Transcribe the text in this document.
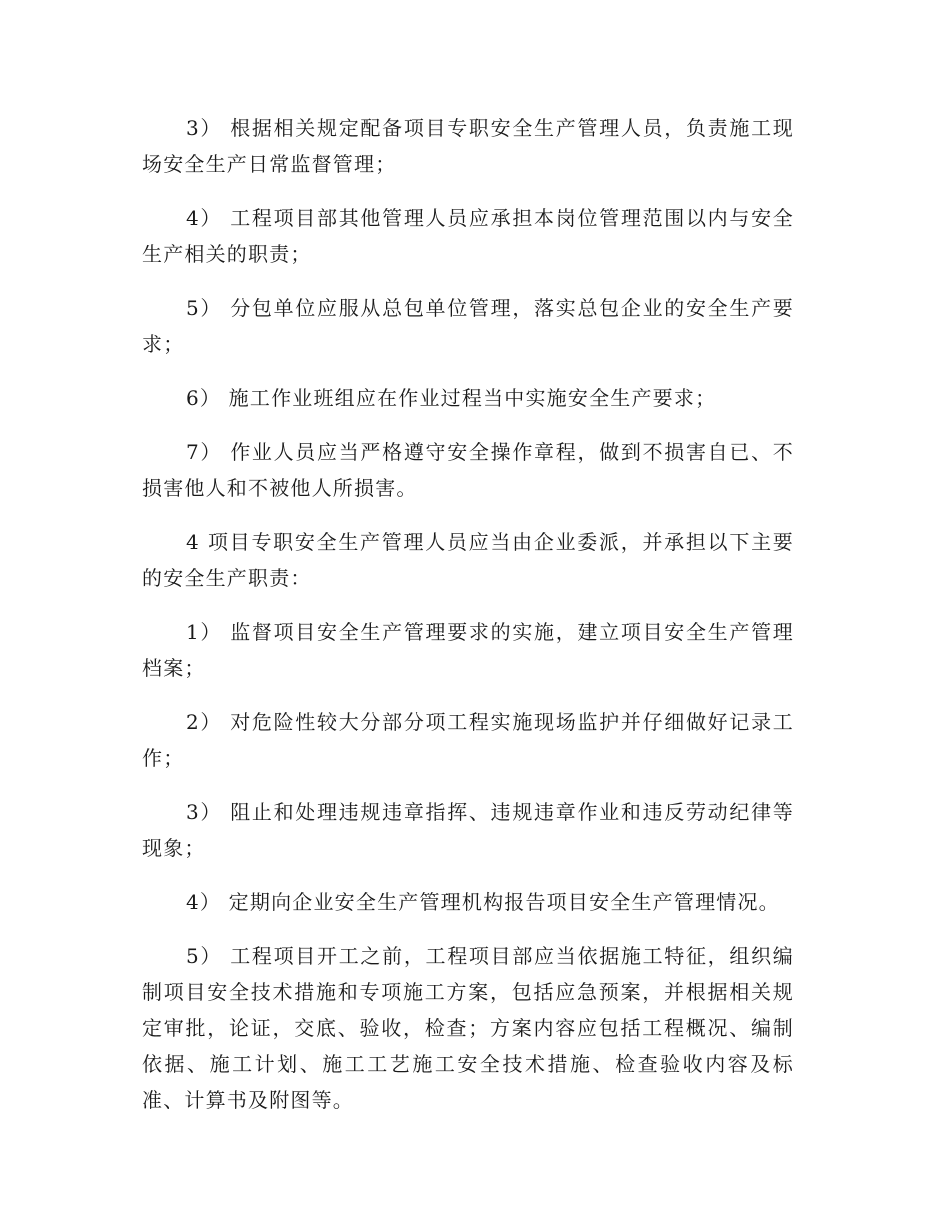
3） 根据相关规定配备项目专职安全生产管理人员，负责施工现场安全生产日常监督管理；

4） 工程项目部其他管理人员应承担本岗位管理范围以内与安全生产相关的职责；

5） 分包单位应服从总包单位管理，落实总包企业的安全生产要求；

6） 施工作业班组应在作业过程当中实施安全生产要求；

7） 作业人员应当严格遵守安全操作章程，做到不损害自已、不损害他人和不被他人所损害。

4 项目专职安全生产管理人员应当由企业委派，并承担以下主要的安全生产职责：

1） 监督项目安全生产管理要求的实施，建立项目安全生产管理档案；

2） 对危险性较大分部分项工程实施现场监护并仔细做好记录工作；

3） 阻止和处理违规违章指挥、违规违章作业和违反劳动纪律等现象；

4） 定期向企业安全生产管理机构报告项目安全生产管理情况。

5） 工程项目开工之前，工程项目部应当依据施工特征，组织编制项目安全技术措施和专项施工方案，包括应急预案，并根据相关规定审批，论证，交底、验收，检查；方案内容应包括工程概况、编制依据、施工计划、施工工艺施工安全技术措施、检查验收内容及标准、计算书及附图等。
